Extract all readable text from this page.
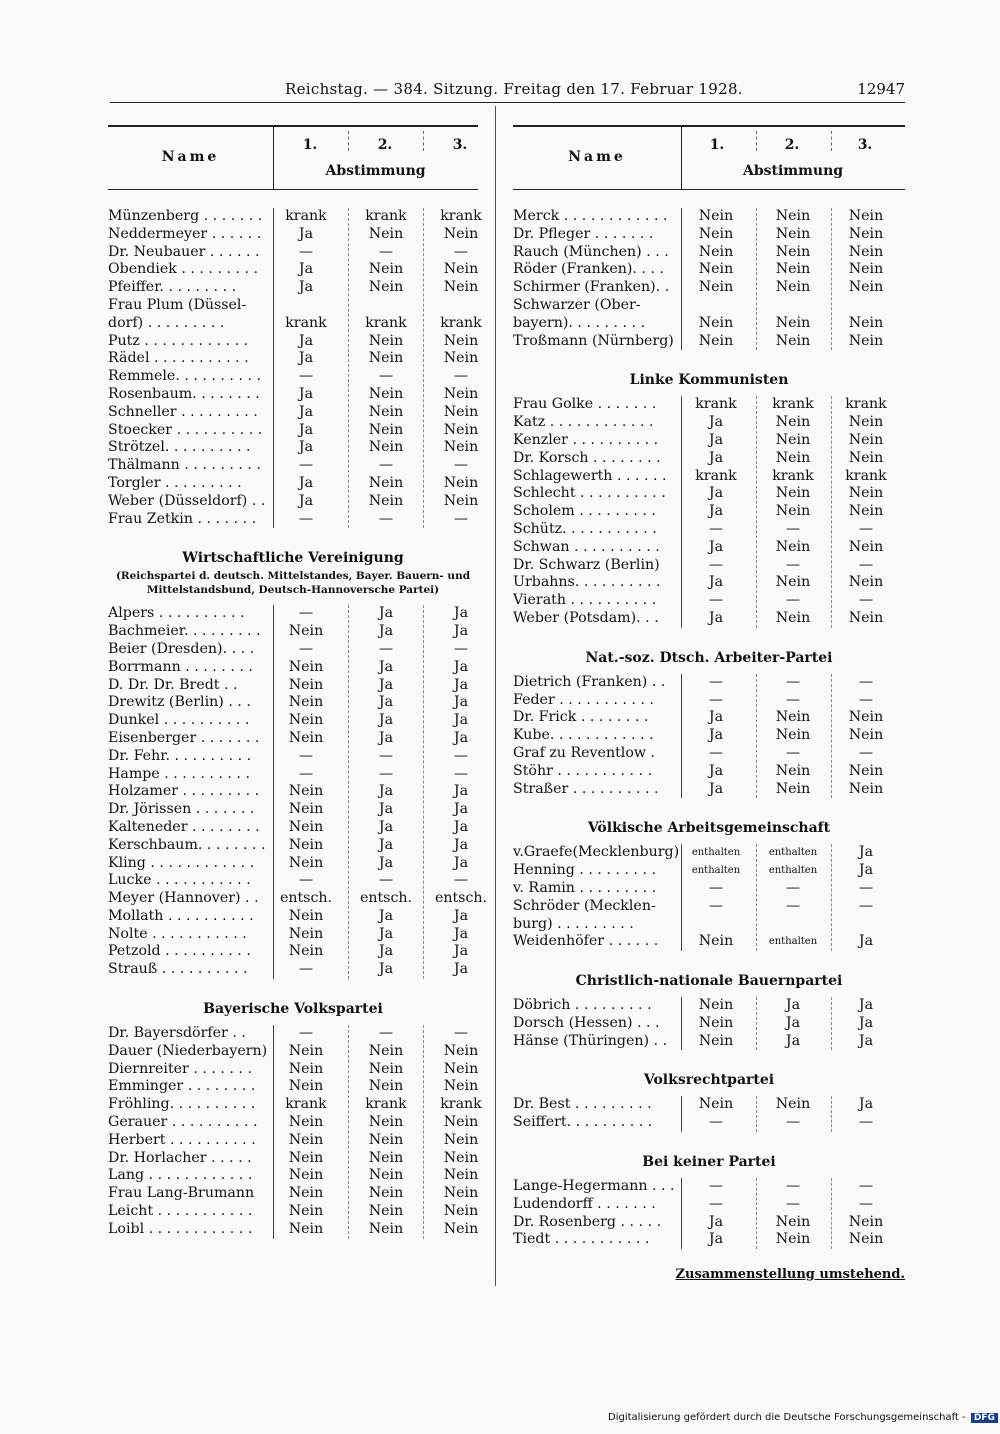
Reichstag. — 384. Sitzung. Freitag den 17. Februar 1928.	12947
Name
1.	2.	3.
Abstimmung
Münzenberg . . . . . . .	krank	krank	krank
Neddermeyer . . . . . .	Ja	Nein	Nein
Dr. Neubauer . . . . . .	—	—	—
Obendiek . . . . . . . . .	Ja	Nein	Nein
Pfeiffer. . . . . . . . .	Ja	Nein	Nein
Frau Plum (Düssel-
dorf) . . . . . . . . .	krank	krank	krank
Putz . . . . . . . . . . . .	Ja	Nein	Nein
Rädel . . . . . . . . . . .	Ja	Nein	Nein
Remmele. . . . . . . . . .	—	—	—
Rosenbaum. . . . . . . .	Ja	Nein	Nein
Schneller . . . . . . . . .	Ja	Nein	Nein
Stoecker . . . . . . . . . .	Ja	Nein	Nein
Strötzel. . . . . . . . . .	Ja	Nein	Nein
Thälmann . . . . . . . . .	—	—	—
Torgler . . . . . . . . .	Ja	Nein	Nein
Weber (Düsseldorf) . .	Ja	Nein	Nein
Frau Zetkin . . . . . . .	—	—	—
Wirtschaftliche Vereinigung
(Reichspartei d. deutsch. Mittelstandes, Bayer. Bauern- und Mittelstandsbund, Deutsch-Hannoversche Partei)
Alpers . . . . . . . . . .	—	Ja	Ja
Bachmeier. . . . . . . . .	Nein	Ja	Ja
Beier (Dresden). . . .	—	—	—
Borrmann . . . . . . . .	Nein	Ja	Ja
D. Dr. Dr. Bredt . .	Nein	Ja	Ja
Drewitz (Berlin) . . .	Nein	Ja	Ja
Dunkel . . . . . . . . . .	Nein	Ja	Ja
Eisenberger . . . . . . .	Nein	Ja	Ja
Dr. Fehr. . . . . . . . . .	—	—	—
Hampe . . . . . . . . . .	—	—	—
Holzamer . . . . . . . . .	Nein	Ja	Ja
Dr. Jörissen . . . . . . .	Nein	Ja	Ja
Kalteneder . . . . . . . .	Nein	Ja	Ja
Kerschbaum. . . . . . . .	Nein	Ja	Ja
Kling . . . . . . . . . . . .	Nein	Ja	Ja
Lucke . . . . . . . . . . .	—	—	—
Meyer (Hannover) . .	entsch.	entsch.	entsch.
Mollath . . . . . . . . . .	Nein	Ja	Ja
Nolte . . . . . . . . . . .	Nein	Ja	Ja
Petzold . . . . . . . . . .	Nein	Ja	Ja
Strauß . . . . . . . . . .	—	Ja	Ja
Bayerische Volkspartei
Dr. Bayersdörfer . .	—	—	—
Dauer (Niederbayern)	Nein	Nein	Nein
Diernreiter . . . . . . .	Nein	Nein	Nein
Emminger . . . . . . . .	Nein	Nein	Nein
Fröhling. . . . . . . . . .	krank	krank	krank
Gerauer . . . . . . . . . .	Nein	Nein	Nein
Herbert . . . . . . . . . .	Nein	Nein	Nein
Dr. Horlacher . . . . .	Nein	Nein	Nein
Lang . . . . . . . . . . . .	Nein	Nein	Nein
Frau Lang-Brumann	Nein	Nein	Nein
Leicht . . . . . . . . . . .	Nein	Nein	Nein
Loibl . . . . . . . . . . . .	Nein	Nein	Nein
Name
1.	2.	3.
Abstimmung
Merck . . . . . . . . . . . .	Nein	Nein	Nein
Dr. Pfleger . . . . . . .	Nein	Nein	Nein
Rauch (München) . . .	Nein	Nein	Nein
Röder (Franken). . . .	Nein	Nein	Nein
Schirmer (Franken). .	Nein	Nein	Nein
Schwarzer (Ober-
bayern). . . . . . . . .	Nein	Nein	Nein
Troßmann (Nürnberg)	Nein	Nein	Nein
Linke Kommunisten
Frau Golke . . . . . . .	krank	krank	krank
Katz . . . . . . . . . . . .	Ja	Nein	Nein
Kenzler . . . . . . . . . .	Ja	Nein	Nein
Dr. Korsch . . . . . . . .	Ja	Nein	Nein
Schlagewerth . . . . . .	krank	krank	krank
Schlecht . . . . . . . . . .	Ja	Nein	Nein
Scholem . . . . . . . . .	Ja	Nein	Nein
Schütz. . . . . . . . . . .	—	—	—
Schwan . . . . . . . . . .	Ja	Nein	Nein
Dr. Schwarz (Berlin)	—	—	—
Urbahns. . . . . . . . . .	Ja	Nein	Nein
Vierath . . . . . . . . . .	—	—	—
Weber (Potsdam). . .	Ja	Nein	Nein
Nat.-soz. Dtsch. Arbeiter-Partei
Dietrich (Franken) . .	—	—	—
Feder . . . . . . . . . . .	—	—	—
Dr. Frick . . . . . . . .	Ja	Nein	Nein
Kube. . . . . . . . . . . .	Ja	Nein	Nein
Graf zu Reventlow .	—	—	—
Stöhr . . . . . . . . . . .	Ja	Nein	Nein
Straßer . . . . . . . . . .	Ja	Nein	Nein
Völkische Arbeitsgemeinschaft
v.Graefe(Mecklenburg)	enthalten	enthalten	Ja
Henning . . . . . . . . .	enthalten	enthalten	Ja
v. Ramin . . . . . . . . .	—	—	—
Schröder (Mecklen-	—	—	—
burg) . . . . . . . . .
Weidenhöfer . . . . . .	Nein	enthalten	Ja
Christlich-nationale Bauernpartei
Döbrich . . . . . . . . .	Nein	Ja	Ja
Dorsch (Hessen) . . .	Nein	Ja	Ja
Hänse (Thüringen) . .	Nein	Ja	Ja
Volksrechtpartei
Dr. Best . . . . . . . . .	Nein	Nein	Ja
Seiffert. . . . . . . . . .	—	—	—
Bei keiner Partei
Lange-Hegermann . . .	—	—	—
Ludendorff . . . . . . .	—	—	—
Dr. Rosenberg . . . . .	Ja	Nein	Nein
Tiedt . . . . . . . . . . .	Ja	Nein	Nein
Zusammenstellung umstehend.
Digitalisierung gefördert durch die Deutsche Forschungsgemeinschaft - DFG
